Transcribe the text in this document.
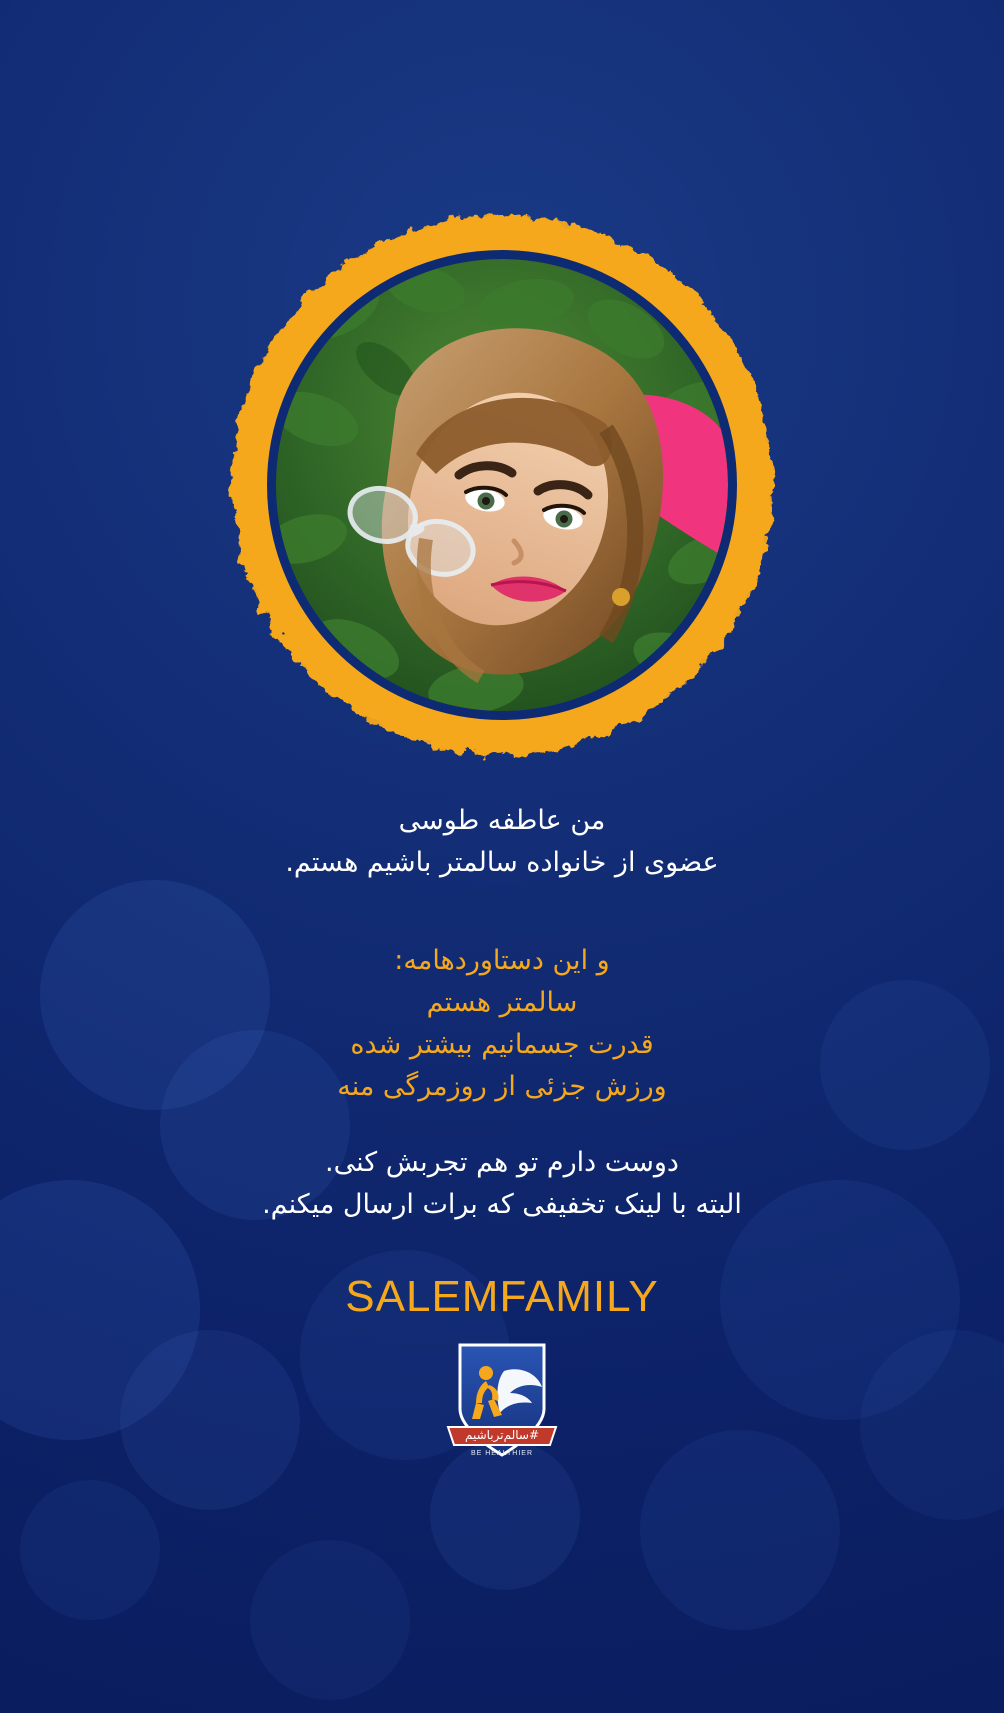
من عاطفه طوسی
عضوی از خانواده سالمتر باشیم هستم.
و این دستاوردهامه:
سالمتر هستم
قدرت جسمانیم بیشتر شده
ورزش جزئی از روزمرگی منه
دوست دارم تو هم تجربش کنی.
البته با لینک تخفیفی که برات ارسال میکنم.
SALEMFAMILY
#سالم‌تر‌باشیم
BE HEALTHIER
